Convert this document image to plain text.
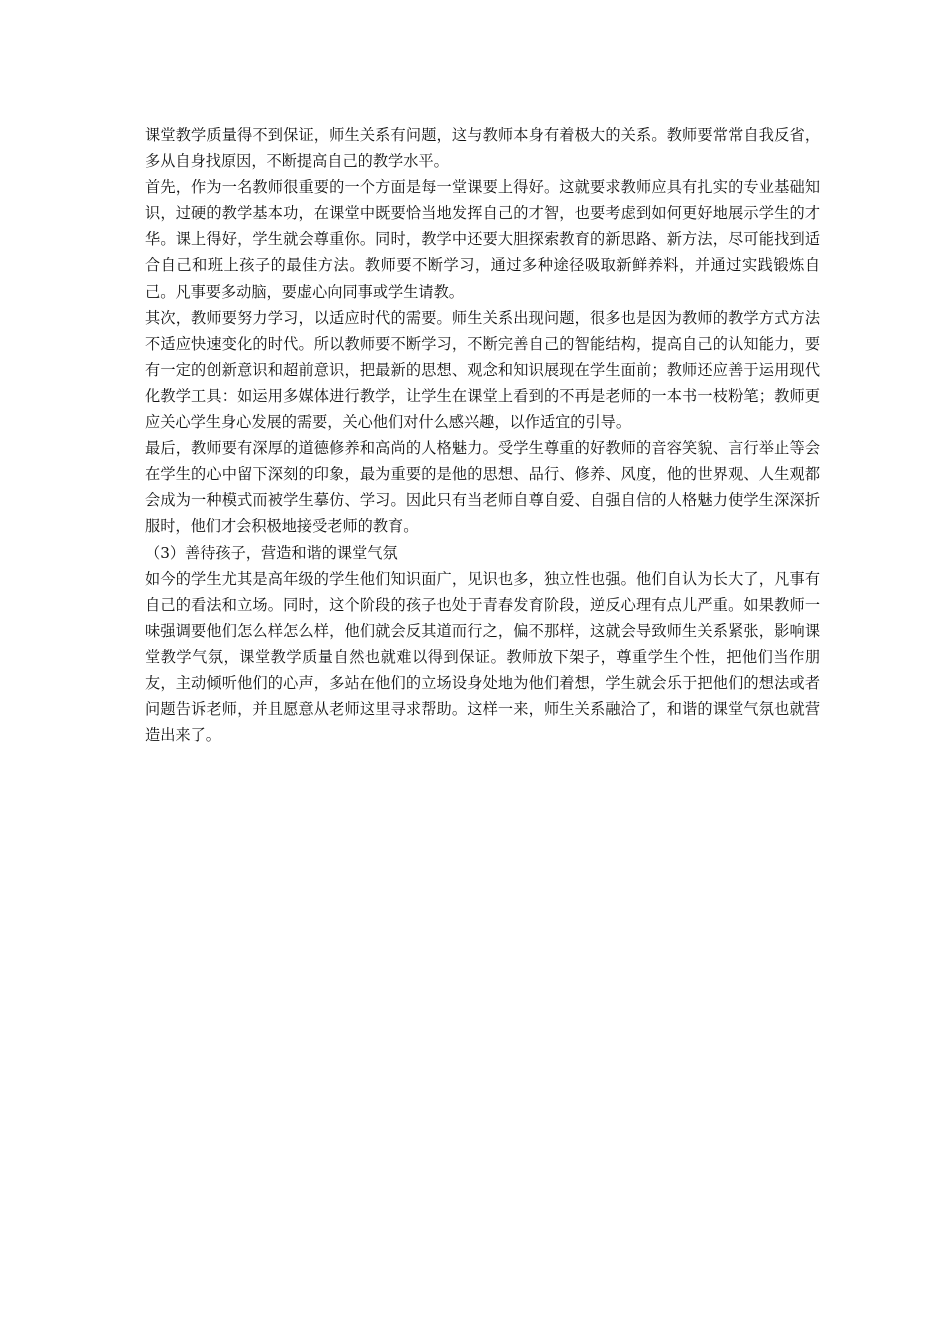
课堂教学质量得不到保证，师生关系有问题，这与教师本身有着极大的关系。教师要常常自我反省，多从自身找原因，不断提高自己的教学水平。

首先，作为一名教师很重要的一个方面是每一堂课要上得好。这就要求教师应具有扎实的专业基础知识，过硬的教学基本功，在课堂中既要恰当地发挥自己的才智，也要考虑到如何更好地展示学生的才华。课上得好，学生就会尊重你。同时，教学中还要大胆探索教育的新思路、新方法，尽可能找到适合自己和班上孩子的最佳方法。教师要不断学习，通过多种途径吸取新鲜养料，并通过实践锻炼自己。凡事要多动脑，要虚心向同事或学生请教。

其次，教师要努力学习，以适应时代的需要。师生关系出现问题，很多也是因为教师的教学方式方法不适应快速变化的时代。所以教师要不断学习，不断完善自己的智能结构，提高自己的认知能力，要有一定的创新意识和超前意识，把最新的思想、观念和知识展现在学生面前；教师还应善于运用现代化教学工具：如运用多媒体进行教学，让学生在课堂上看到的不再是老师的一本书一枝粉笔；教师更应关心学生身心发展的需要，关心他们对什么感兴趣，以作适宜的引导。

最后，教师要有深厚的道德修养和高尚的人格魅力。受学生尊重的好教师的音容笑貌、言行举止等会在学生的心中留下深刻的印象，最为重要的是他的思想、品行、修养、风度，他的世界观、人生观都会成为一种模式而被学生摹仿、学习。因此只有当老师自尊自爱、自强自信的人格魅力使学生深深折服时，他们才会积极地接受老师的教育。

（3）善待孩子，营造和谐的课堂气氛

如今的学生尤其是高年级的学生他们知识面广，见识也多，独立性也强。他们自认为长大了，凡事有自己的看法和立场。同时，这个阶段的孩子也处于青春发育阶段，逆反心理有点儿严重。如果教师一味强调要他们怎么样怎么样，他们就会反其道而行之，偏不那样，这就会导致师生关系紧张，影响课堂教学气氛，课堂教学质量自然也就难以得到保证。教师放下架子，尊重学生个性，把他们当作朋友，主动倾听他们的心声，多站在他们的立场设身处地为他们着想，学生就会乐于把他们的想法或者问题告诉老师，并且愿意从老师这里寻求帮助。这样一来，师生关系融洽了，和谐的课堂气氛也就营造出来了。
